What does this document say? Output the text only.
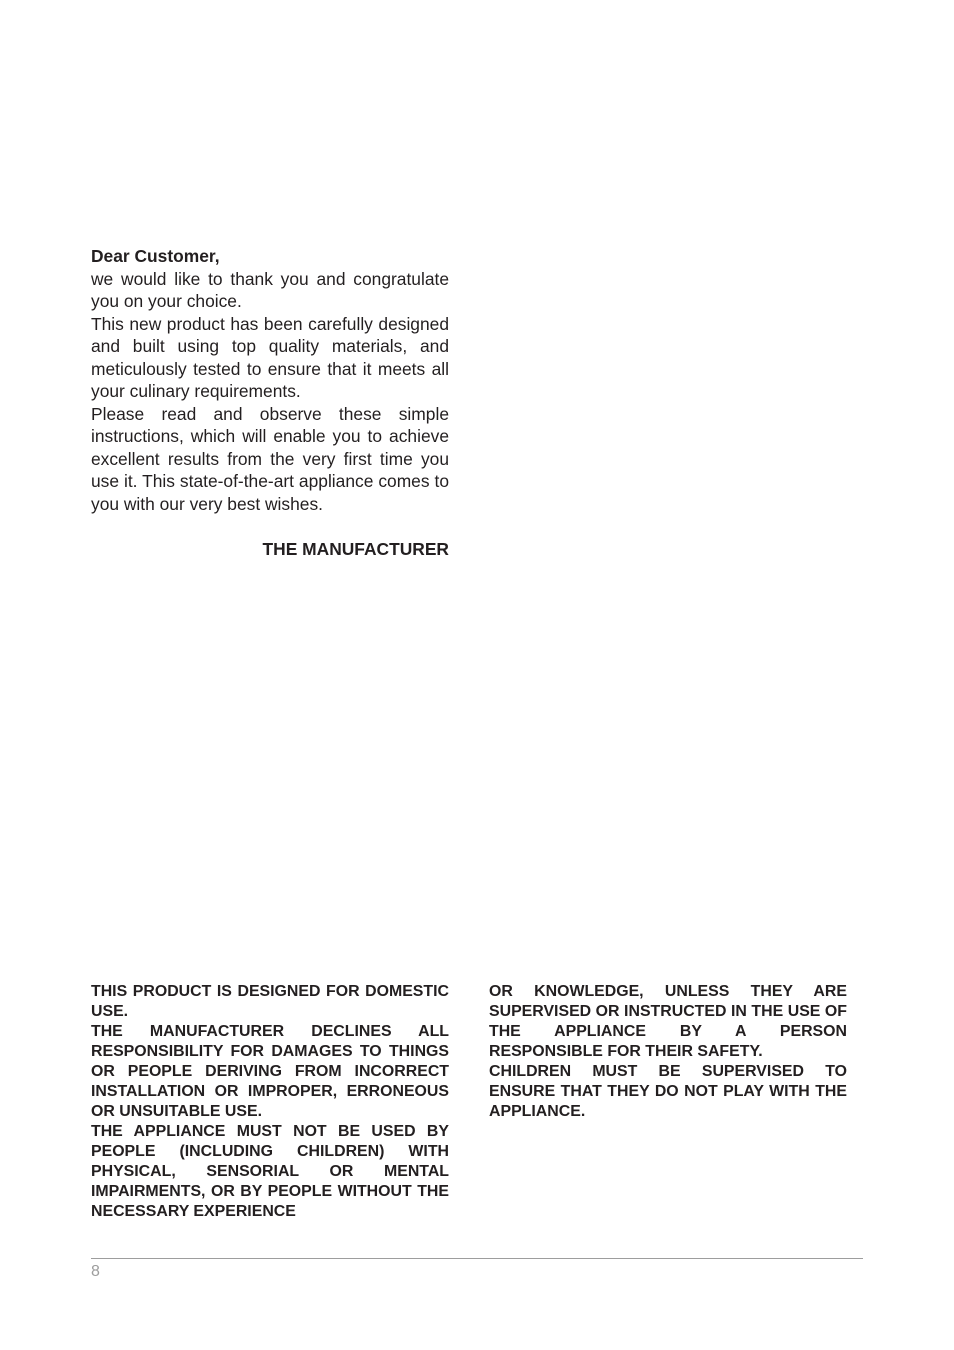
Dear Customer,

we would like to thank you and congratulate you on your choice.

This new product has been carefully designed and built using top quality materials, and meticulously tested to ensure that it meets all your culinary requirements.

Please read and observe these simple instructions, which will enable you to achieve excellent results from the very first time you use it. This state-of-the-art appliance comes to you with our very best wishes.

THE MANUFACTURER

THIS PRODUCT IS DESIGNED FOR DOMESTIC USE.

THE MANUFACTURER DECLINES ALL RESPONSIBILITY FOR DAMAGES TO THINGS OR PEOPLE DERIVING FROM INCORRECT INSTALLATION OR IMPROPER, ERRONEOUS OR UNSUITABLE USE.

THE APPLIANCE MUST NOT BE USED BY PEOPLE (INCLUDING CHILDREN) WITH PHYSICAL, SENSORIAL OR MENTAL IMPAIRMENTS, OR BY PEOPLE WITHOUT THE NECESSARY EXPERIENCE

OR KNOWLEDGE, UNLESS THEY ARE SUPERVISED OR INSTRUCTED IN THE USE OF THE APPLIANCE BY A PERSON RESPONSIBLE FOR THEIR SAFETY.

CHILDREN MUST BE SUPERVISED TO ENSURE THAT THEY DO NOT PLAY WITH THE APPLIANCE.

8
